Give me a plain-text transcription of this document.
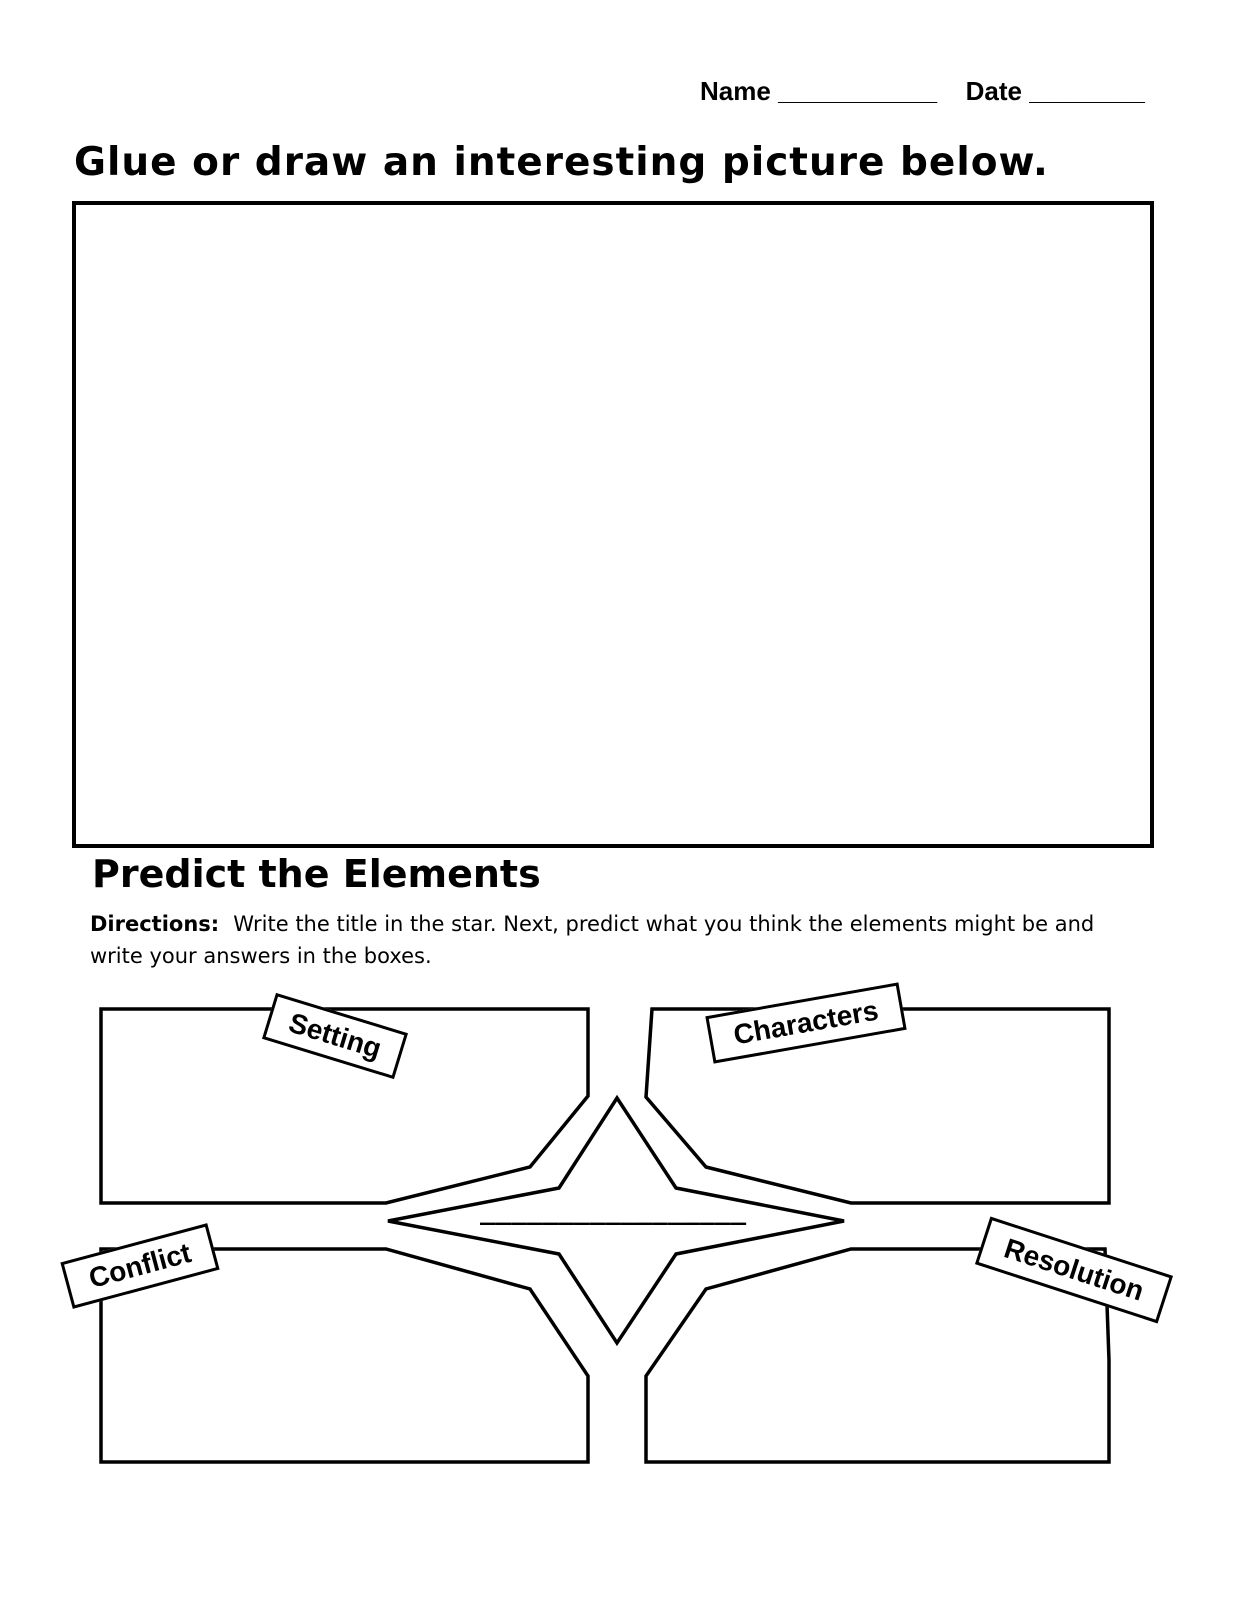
Name ___________ Date ________
Glue or draw an interesting picture below.
Predict the Elements
Directions: Write the title in the star. Next, predict what you think the elements might be and write your answers in the boxes.
_________________
Setting	Characters
Conflict	Resolution
